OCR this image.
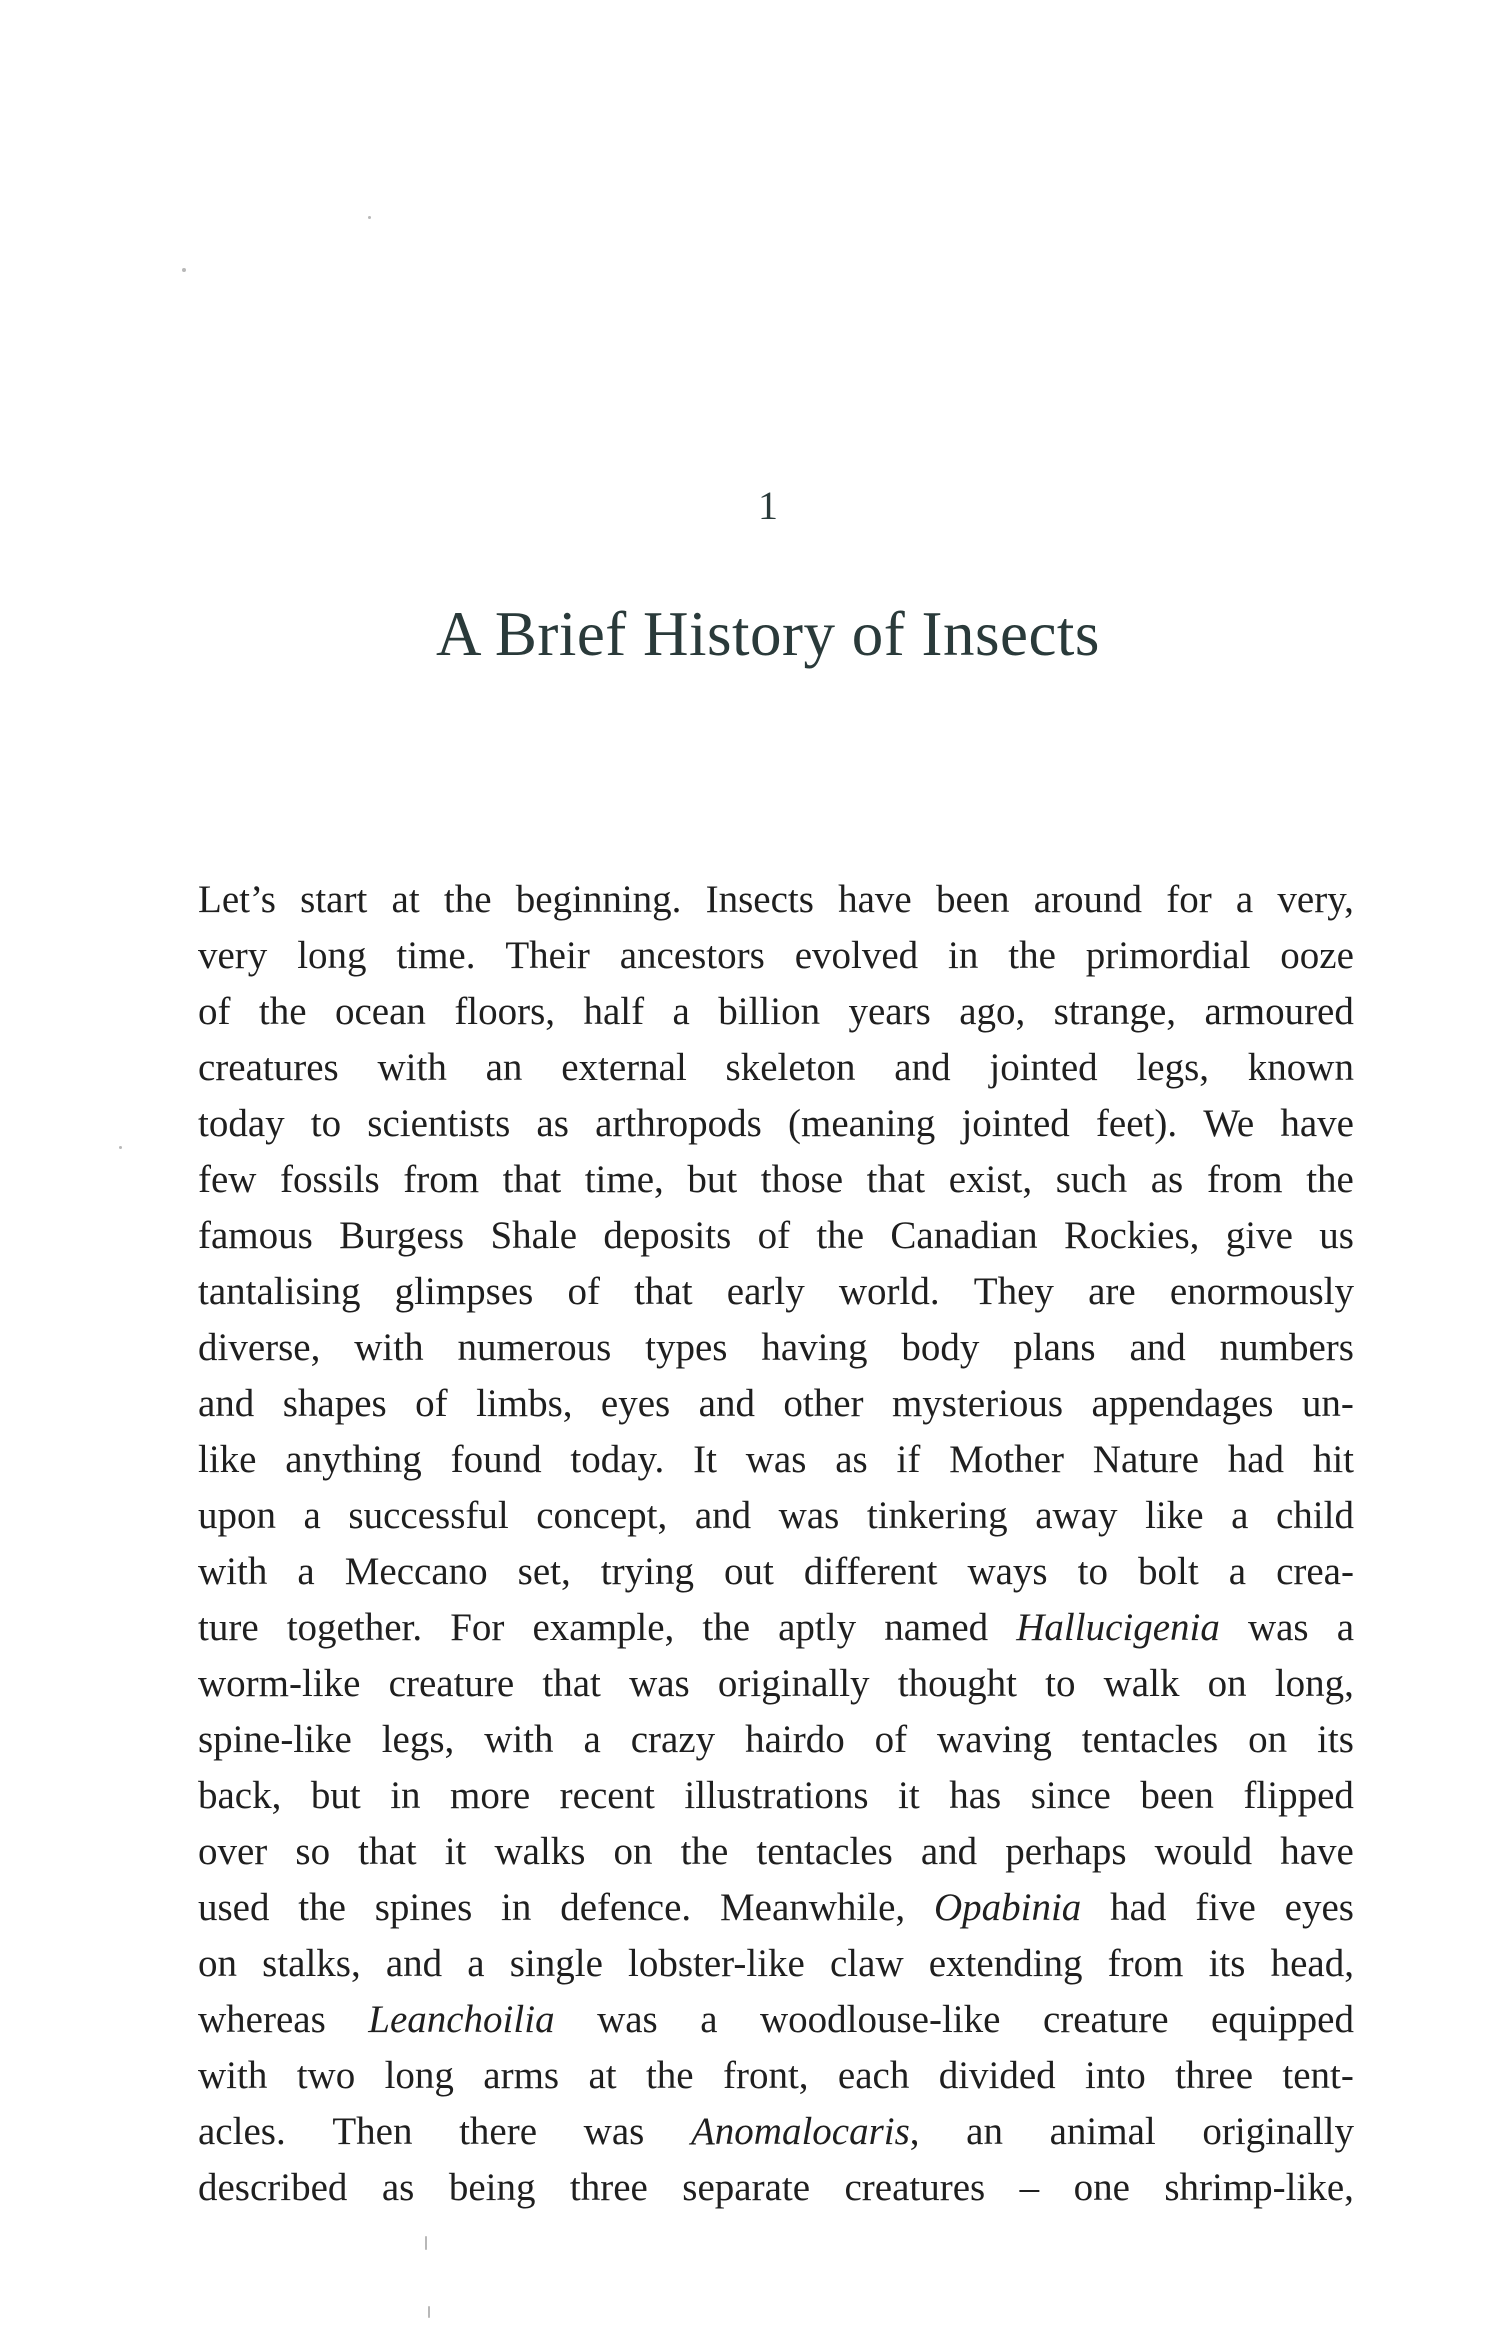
1
A Brief History of Insects
Let’s start at the beginning. Insects have been around for a very,
very long time. Their ancestors evolved in the primordial ooze
of the ocean floors, half a billion years ago, strange, armoured
creatures with an external skeleton and jointed legs, known
today to scientists as arthropods (meaning jointed feet). We have
few fossils from that time, but those that exist, such as from the
famous Burgess Shale deposits of the Canadian Rockies, give us
tantalising glimpses of that early world. They are enormously
diverse, with numerous types having body plans and numbers
and shapes of limbs, eyes and other mysterious appendages un-
like anything found today. It was as if Mother Nature had hit
upon a successful concept, and was tinkering away like a child
with a Meccano set, trying out different ways to bolt a crea-
ture together. For example, the aptly named Hallucigenia was a
worm-like creature that was originally thought to walk on long,
spine-like legs, with a crazy hairdo of waving tentacles on its
back, but in more recent illustrations it has since been flipped
over so that it walks on the tentacles and perhaps would have
used the spines in defence. Meanwhile, Opabinia had five eyes
on stalks, and a single lobster-like claw extending from its head,
whereas Leanchoilia was a woodlouse-like creature equipped
with two long arms at the front, each divided into three tent-
acles. Then there was Anomalocaris, an animal originally
described as being three separate creatures – one shrimp-like,
